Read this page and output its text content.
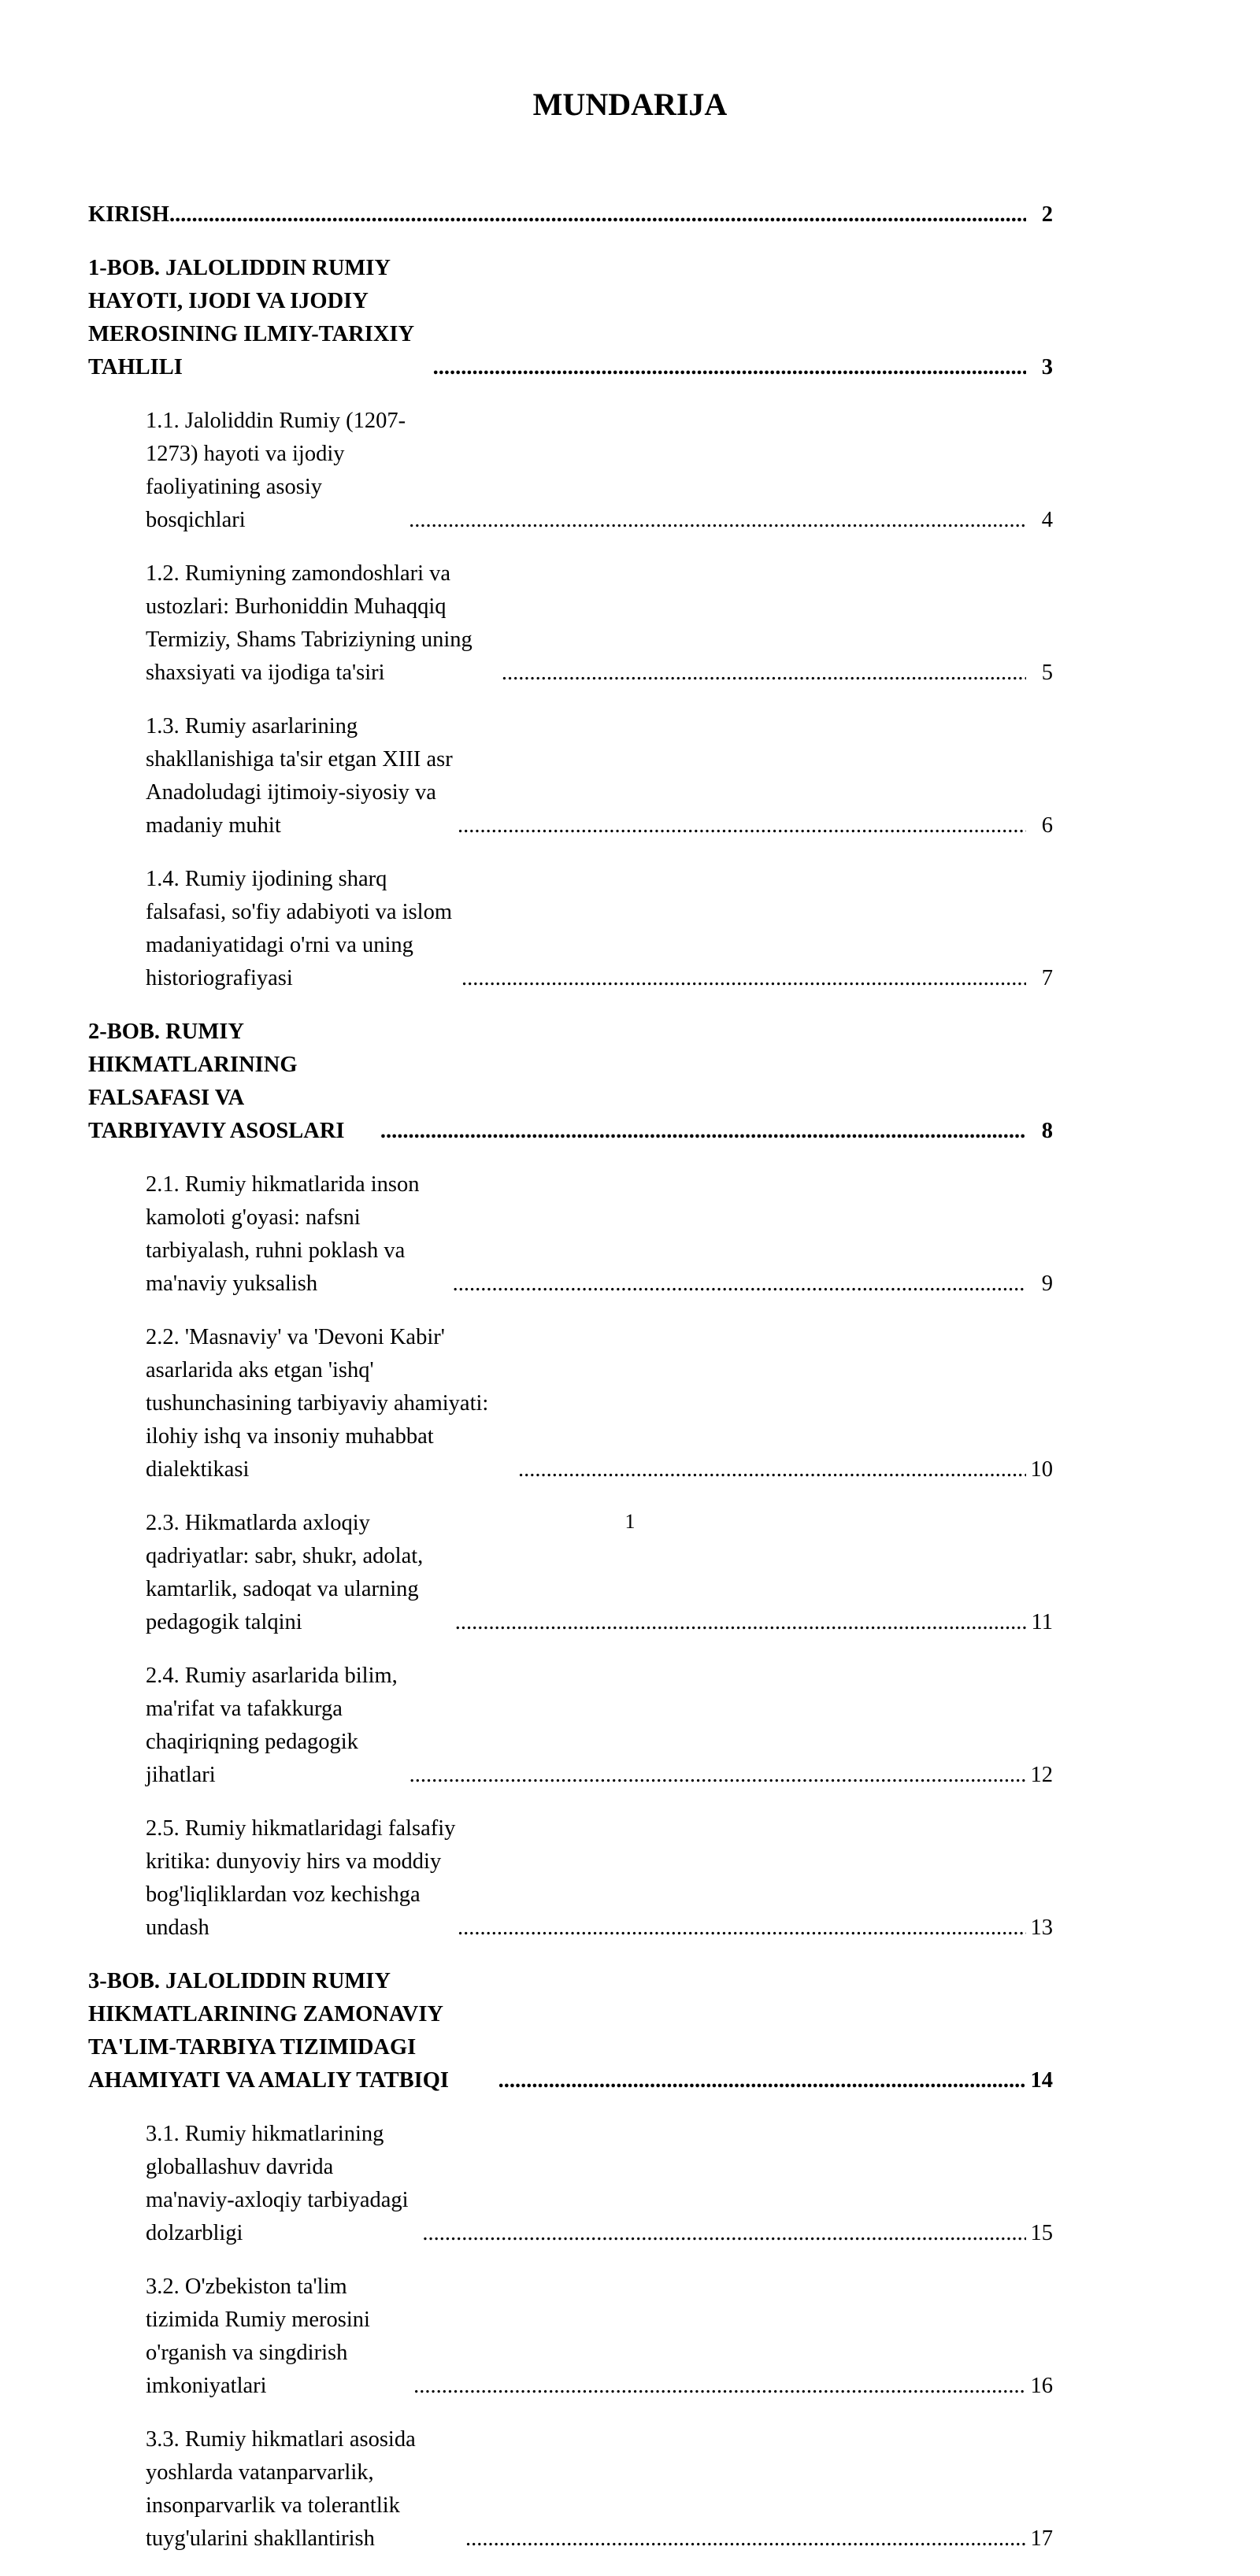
MUNDARIJA
KIRISH .....	2
1-BOB. JALOLIDDIN RUMIY HAYOTI, IJODI VA IJODIY MEROSINING ILMIY-TARIXIY TAHLILI .....	3
1.1. Jaloliddin Rumiy (1207-1273) hayoti va ijodiy faoliyatining asosiy bosqichlari .....	4
1.2. Rumiyning zamondoshlari va ustozlari: Burhoniddin Muhaqqiq Termiziy, Shams Tabriziyning uning shaxsiyati va ijodiga ta'siri .....	5
1.3. Rumiy asarlarining shakllanishiga ta'sir etgan XIII asr Anadoludagi ijtimoiy-siyosiy va madaniy muhit .....	6
1.4. Rumiy ijodining sharq falsafasi, so'fiy adabiyoti va islom madaniyatidagi o'rni va uning historiografiyasi .....	7
2-BOB. RUMIY HIKMATLARINING FALSAFASI VA TARBIYAVIY ASOSLARI .....	8
2.1. Rumiy hikmatlarida inson kamoloti g'oyasi: nafsni tarbiyalash, ruhni poklash va ma'naviy yuksalish .....	9
2.2. 'Masnaviy' va 'Devoni Kabir' asarlarida aks etgan 'ishq' tushunchasining tarbiyaviy ahamiyati: ilohiy ishq va insoniy muhabbat dialektikasi .....	10
2.3. Hikmatlarda axloqiy qadriyatlar: sabr, shukr, adolat, kamtarlik, sadoqat va ularning pedagogik talqini .....	11
2.4. Rumiy asarlarida bilim, ma'rifat va tafakkurga chaqiriqning pedagogik jihatlari .....	12
2.5. Rumiy hikmatlaridagi falsafiy kritika: dunyoviy hirs va moddiy bog'liqliklardan voz kechishga undash .....	13
3-BOB. JALOLIDDIN RUMIY HIKMATLARINING ZAMONAVIY TA'LIM-TARBIYA TIZIMIDAGI AHAMIYATI VA AMALIY TATBIQI .....	14
3.1. Rumiy hikmatlarining globallashuv davrida ma'naviy-axloqiy tarbiyadagi dolzarbligi .....	15
3.2. O'zbekiston ta'lim tizimida Rumiy merosini o'rganish va singdirish imkoniyatlari .....	16
3.3. Rumiy hikmatlari asosida yoshlarda vatanparvarlik, insonparvarlik va tolerantlik tuyg'ularini shakllantirish .....	17
1
